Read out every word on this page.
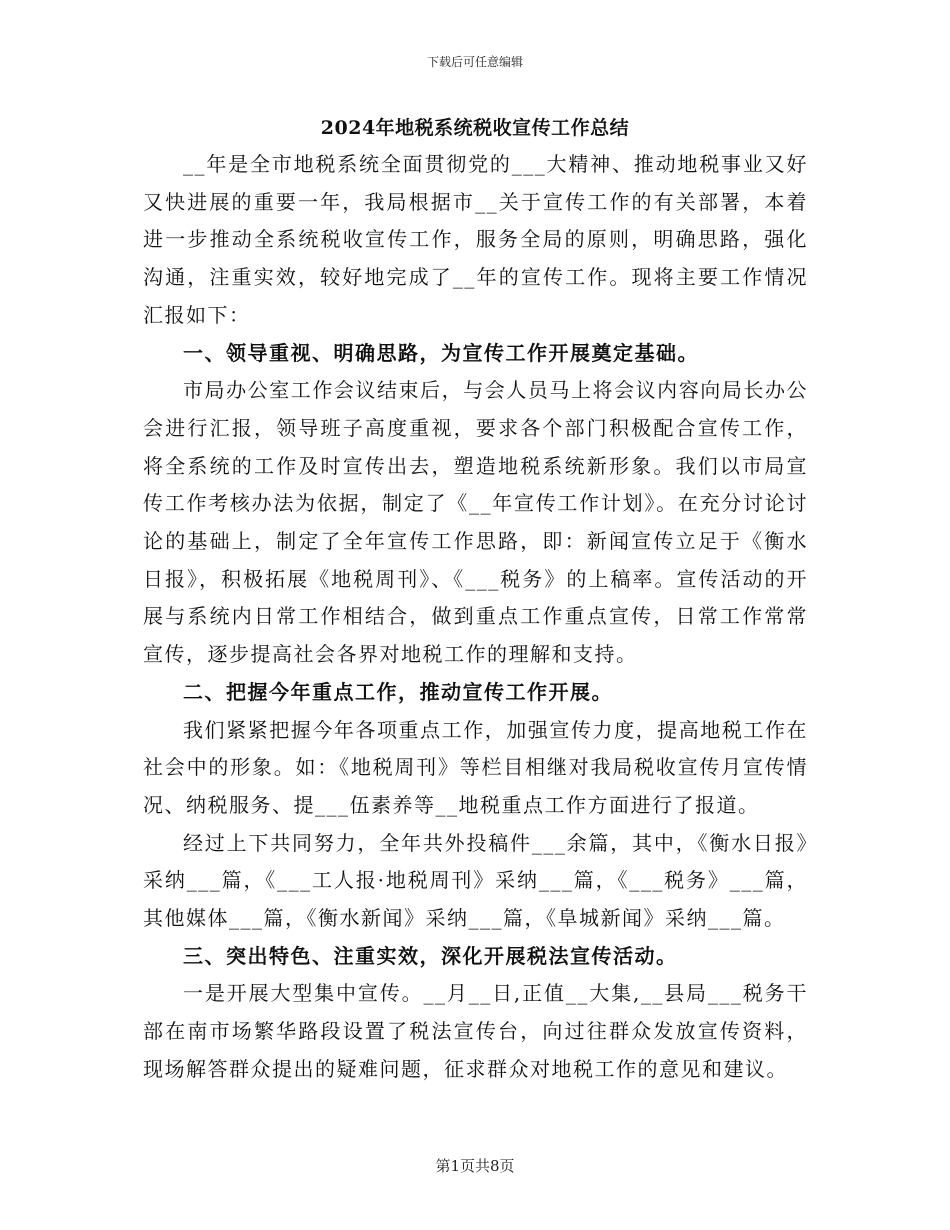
下载后可任意编辑
2024年地税系统税收宣传工作总结

__年是全市地税系统全面贯彻党的___大精神、推动地税事业又好又快进展的重要一年，我局根据市__关于宣传工作的有关部署，本着进一步推动全系统税收宣传工作，服务全局的原则，明确思路，强化沟通，注重实效，较好地完成了__年的宣传工作。现将主要工作情况汇报如下：

一、领导重视、明确思路，为宣传工作开展奠定基础。

市局办公室工作会议结束后，与会人员马上将会议内容向局长办公会进行汇报，领导班子高度重视，要求各个部门积极配合宣传工作，将全系统的工作及时宣传出去，塑造地税系统新形象。我们以市局宣传工作考核办法为依据，制定了《__年宣传工作计划》。在充分讨论讨论的基础上，制定了全年宣传工作思路，即：新闻宣传立足于《衡水日报》，积极拓展《地税周刊》、《___税务》的上稿率。宣传活动的开展与系统内日常工作相结合，做到重点工作重点宣传，日常工作常常宣传，逐步提高社会各界对地税工作的理解和支持。

二、把握今年重点工作，推动宣传工作开展。

我们紧紧把握今年各项重点工作，加强宣传力度，提高地税工作在社会中的形象。如：《地税周刊》等栏目相继对我局税收宣传月宣传情况、纳税服务、提___伍素养等__地税重点工作方面进行了报道。

经过上下共同努力，全年共外投稿件___余篇，其中，《衡水日报》采纳___篇，《___工人报·地税周刊》采纳___篇，《___税务》___篇，其他媒体___篇，《衡水新闻》采纳___篇，《阜城新闻》采纳___篇。

三、突出特色、注重实效，深化开展税法宣传活动。

一是开展大型集中宣传。__月__日,正值__大集,__县局___税务干部在南市场繁华路段设置了税法宣传台，向过往群众发放宣传资料，现场解答群众提出的疑难问题，征求群众对地税工作的意见和建议。

第1页共8页
